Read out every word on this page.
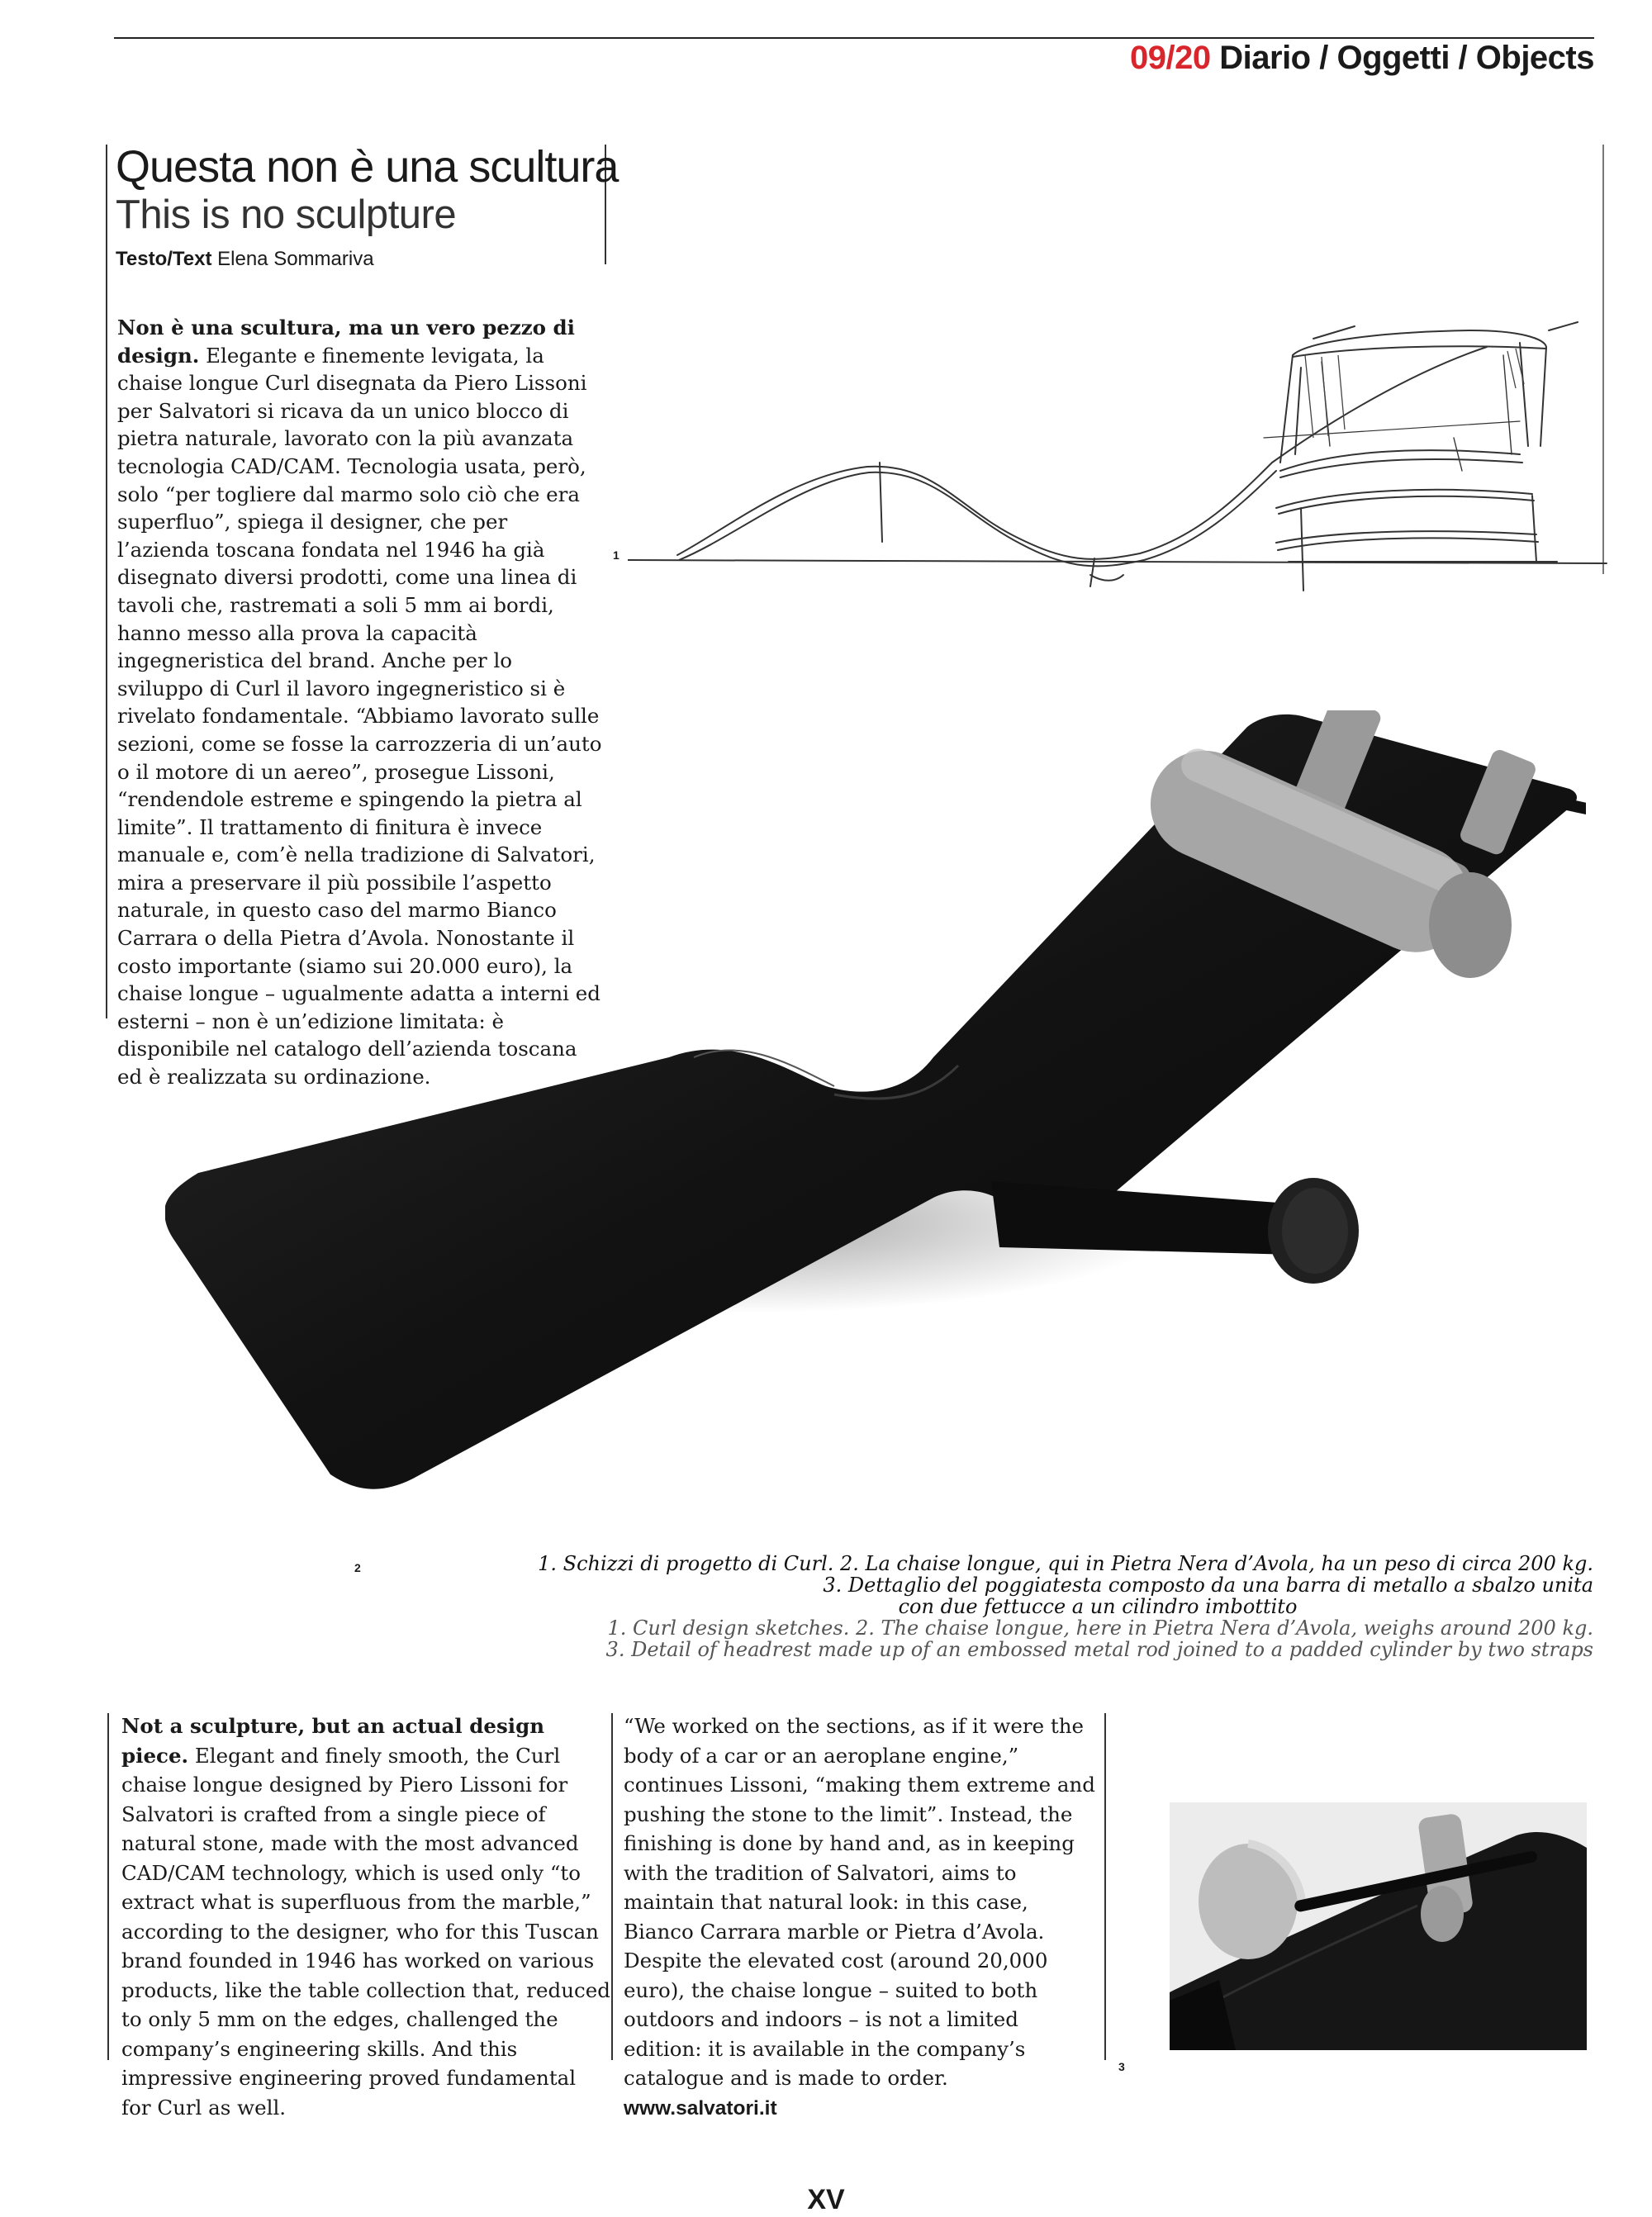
09/20 Diario / Oggetti / Objects
Questa non è una scultura
This is no sculpture
Testo/Text Elena Sommariva

Non è una scultura, ma un vero pezzo di design. Elegante e finemente levigata, la chaise longue Curl disegnata da Piero Lissoni per Salvatori si ricava da un unico blocco di pietra naturale, lavorato con la più avanzata tecnologia CAD/CAM. Tecnologia usata, però, solo “per togliere dal marmo solo ciò che era superfluo”, spiega il designer, che per l’azienda toscana fondata nel 1946 ha già disegnato diversi prodotti, come una linea di tavoli che, rastremati a soli 5 mm ai bordi, hanno messo alla prova la capacità ingegneristica del brand. Anche per lo sviluppo di Curl il lavoro ingegneristico si è rivelato fondamentale. “Abbiamo lavorato sulle sezioni, come se fosse la carrozzeria di un’auto o il motore di un aereo”, prosegue Lissoni, “rendendole estreme e spingendo la pietra al limite”. Il trattamento di finitura è invece manuale e, com’è nella tradizione di Salvatori, mira a preservare il più possibile l’aspetto naturale, in questo caso del marmo Bianco Carrara o della Pietra d’Avola. Nonostante il costo importante (siamo sui 20.000 euro), la chaise longue – ugualmente adatta a interni ed esterni – non è un’edizione limitata: è disponibile nel catalogo dell’azienda toscana ed è realizzata su ordinazione.

1
2	1. Schizzi di progetto di Curl. 2. La chaise longue, qui in Pietra Nera d’Avola, ha un peso di circa 200 kg.
3. Dettaglio del poggiatesta composto da una barra di metallo a sbalzo unita
con due fettucce a un cilindro imbottito
1. Curl design sketches. 2. The chaise longue, here in Pietra Nera d’Avola, weighs around 200 kg.
3. Detail of headrest made up of an embossed metal rod joined to a padded cylinder by two straps

Not a sculpture, but an actual design piece. Elegant and finely smooth, the Curl chaise longue designed by Piero Lissoni for Salvatori is crafted from a single piece of natural stone, made with the most advanced CAD/CAM technology, which is used only “to extract what is superfluous from the marble,” according to the designer, who for this Tuscan brand founded in 1946 has worked on various products, like the table collection that, reduced to only 5 mm on the edges, challenged the company’s engineering skills. And this impressive engineering proved fundamental for Curl as well.

“We worked on the sections, as if it were the body of a car or an aeroplane engine,” continues Lissoni, “making them extreme and pushing the stone to the limit”. Instead, the finishing is done by hand and, as in keeping with the tradition of Salvatori, aims to maintain that natural look: in this case, Bianco Carrara marble or Pietra d’Avola. Despite the elevated cost (around 20,000 euro), the chaise longue – suited to both outdoors and indoors – is not a limited edition: it is available in the company’s catalogue and is made to order.

www.salvatori.it

3
XV
